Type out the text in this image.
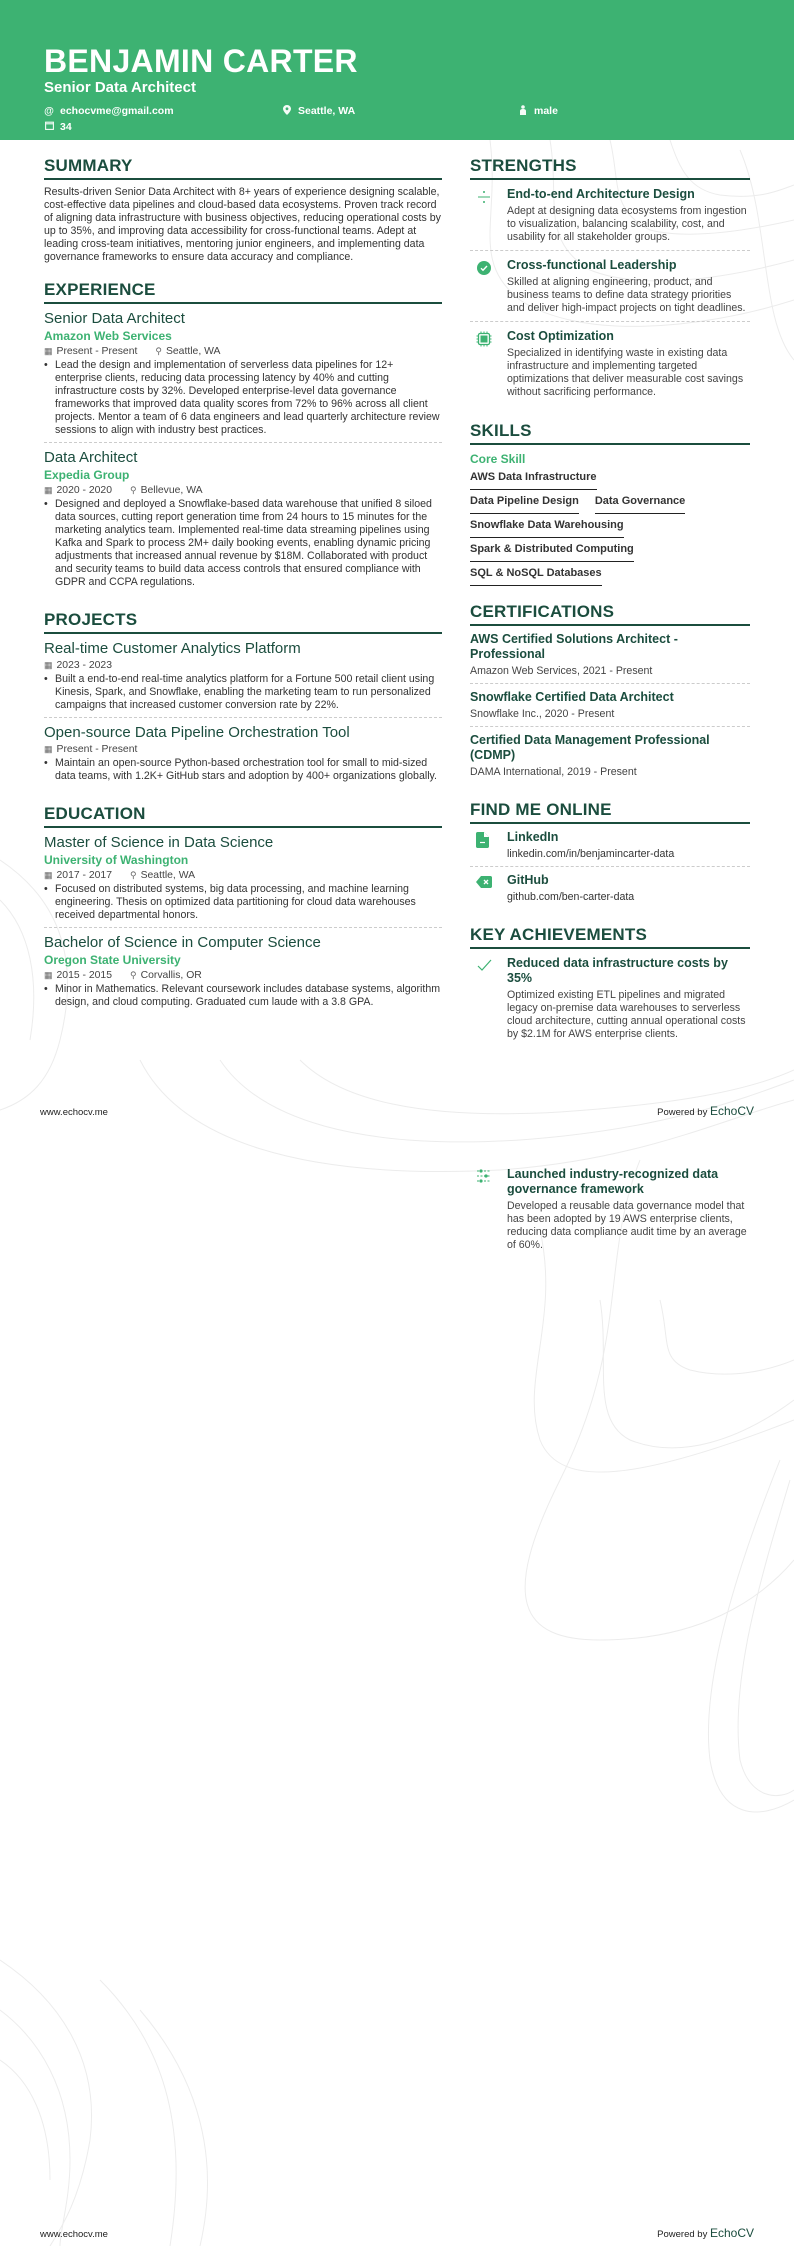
BENJAMIN CARTER
Senior Data Architect
@ echocvme@gmail.com	Seattle, WA	male
34
SUMMARY

Results-driven Senior Data Architect with 8+ years of experience designing scalable, cost-effective data pipelines and cloud-based data ecosystems. Proven track record of aligning data infrastructure with business objectives, reducing operational costs by up to 35%, and improving data accessibility for cross-functional teams. Adept at leading cross-team initiatives, mentoring junior engineers, and implementing data governance frameworks to ensure data accuracy and compliance.

EXPERIENCE
Senior Data Architect
Amazon Web Services
▦ Present - Present ⚲ Seattle, WA
• Lead the design and implementation of serverless data pipelines for 12+ enterprise clients, reducing data processing latency by 40% and cutting infrastructure costs by 32%. Developed enterprise-level data governance frameworks that improved data quality scores from 72% to 96% across all client projects. Mentor a team of 6 data engineers and lead quarterly architecture review sessions to align with industry best practices.
Data Architect
Expedia Group
▦ 2020 - 2020 ⚲ Bellevue, WA
• Designed and deployed a Snowflake-based data warehouse that unified 8 siloed data sources, cutting report generation time from 24 hours to 15 minutes for the marketing analytics team. Implemented real-time data streaming pipelines using Kafka and Spark to process 2M+ daily booking events, enabling dynamic pricing adjustments that increased annual revenue by $18M. Collaborated with product and security teams to build data access controls that ensured compliance with GDPR and CCPA regulations.
PROJECTS
Real-time Customer Analytics Platform
▦ 2023 - 2023
• Built a end-to-end real-time analytics platform for a Fortune 500 retail client using Kinesis, Spark, and Snowflake, enabling the marketing team to run personalized campaigns that increased customer conversion rate by 22%.
Open-source Data Pipeline Orchestration Tool
▦ Present - Present
• Maintain an open-source Python-based orchestration tool for small to mid-sized data teams, with 1.2K+ GitHub stars and adoption by 400+ organizations globally.
EDUCATION
Master of Science in Data Science
University of Washington
▦ 2017 - 2017 ⚲ Seattle, WA
• Focused on distributed systems, big data processing, and machine learning engineering. Thesis on optimized data partitioning for cloud data warehouses received departmental honors.
Bachelor of Science in Computer Science
Oregon State University
▦ 2015 - 2015 ⚲ Corvallis, OR
• Minor in Mathematics. Relevant coursework includes database systems, algorithm design, and cloud computing. Graduated cum laude with a 3.8 GPA.
STRENGTHS
End-to-end Architecture Design
Adept at designing data ecosystems from ingestion to visualization, balancing scalability, cost, and usability for all stakeholder groups.
Cross-functional Leadership
Skilled at aligning engineering, product, and business teams to define data strategy priorities and deliver high-impact projects on tight deadlines.
Cost Optimization
Specialized in identifying waste in existing data infrastructure and implementing targeted optimizations that deliver measurable cost savings without sacrificing performance.
SKILLS
Core Skill
AWS Data Infrastructure
Data Pipeline Design Data Governance
Snowflake Data Warehousing
Spark & Distributed Computing
SQL & NoSQL Databases
CERTIFICATIONS
AWS Certified Solutions Architect - Professional
Amazon Web Services, 2021 - Present
Snowflake Certified Data Architect
Snowflake Inc., 2020 - Present
Certified Data Management Professional (CDMP)
DAMA International, 2019 - Present
FIND ME ONLINE
LinkedIn
linkedin.com/in/benjamincarter-data
GitHub
github.com/ben-carter-data
KEY ACHIEVEMENTS
Reduced data infrastructure costs by 35%
Optimized existing ETL pipelines and migrated legacy on-premise data warehouses to serverless cloud architecture, cutting annual operational costs by $2.1M for AWS enterprise clients.
www.echocv.me	Powered by EchoCV
Launched industry-recognized data governance framework
Developed a reusable data governance model that has been adopted by 19 AWS enterprise clients, reducing data compliance audit time by an average of 60%.
www.echocv.me	Powered by EchoCV
